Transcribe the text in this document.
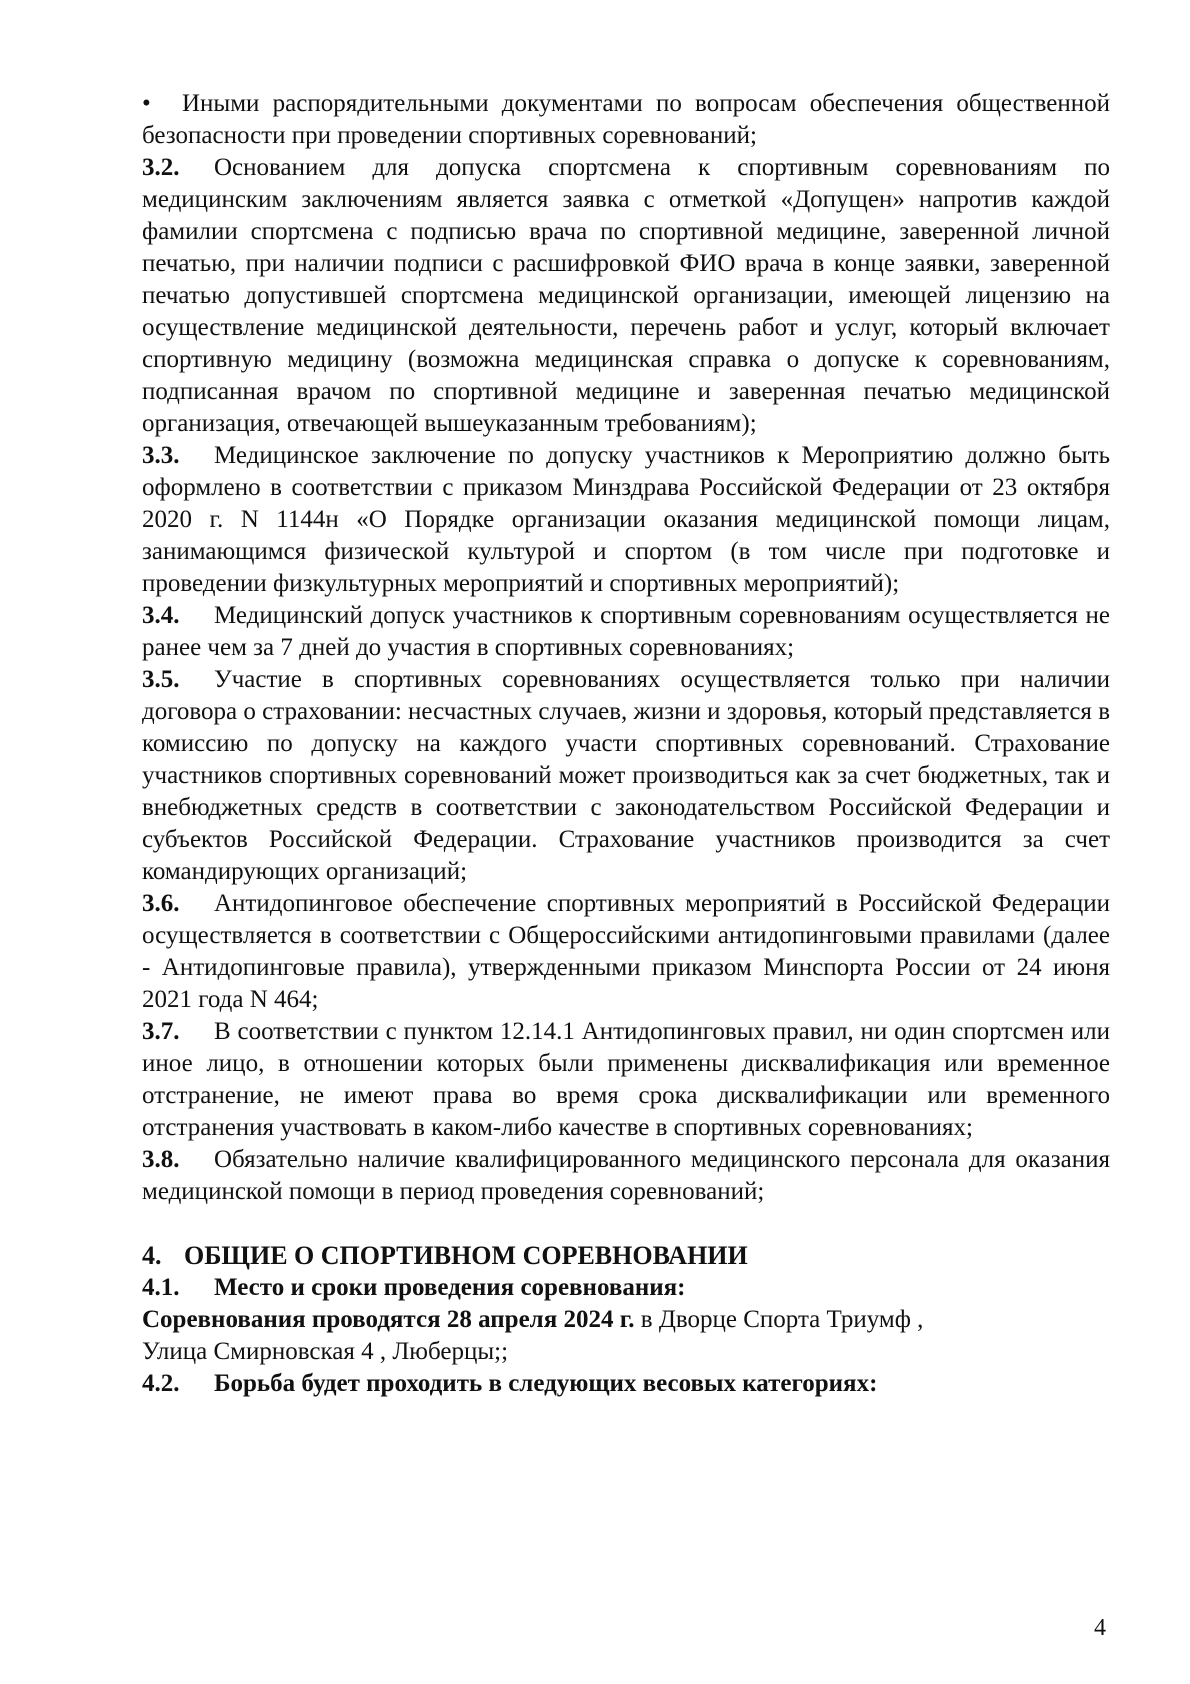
• Иными распорядительными документами по вопросам обеспечения общественной безопасности при проведении спортивных соревнований;

3.2. Основанием для допуска спортсмена к спортивным соревнованиям по медицинским заключениям является заявка с отметкой «Допущен» напротив каждой фамилии спортсмена с подписью врача по спортивной медицине, заверенной личной печатью, при наличии подписи с расшифровкой ФИО врача в конце заявки, заверенной печатью допустившей спортсмена медицинской организации, имеющей лицензию на осуществление медицинской деятельности, перечень работ и услуг, который включает спортивную медицину (возможна медицинская справка о допуске к соревнованиям, подписанная врачом по спортивной медицине и заверенная печатью медицинской организация, отвечающей вышеуказанным требованиям);

3.3. Медицинское заключение по допуску участников к Мероприятию должно быть оформлено в соответствии с приказом Минздрава Российской Федерации от 23 октября 2020 г. N 1144н «О Порядке организации оказания медицинской помощи лицам, занимающимся физической культурой и спортом (в том числе при подготовке и проведении физкультурных мероприятий и спортивных мероприятий);

3.4. Медицинский допуск участников к спортивным соревнованиям осуществляется не ранее чем за 7 дней до участия в спортивных соревнованиях;

3.5. Участие в спортивных соревнованиях осуществляется только при наличии договора о страховании: несчастных случаев, жизни и здоровья, который представляется в комиссию по допуску на каждого участи спортивных соревнований. Страхование участников спортивных соревнований может производиться как за счет бюджетных, так и внебюджетных средств в соответствии с законодательством Российской Федерации и субъектов Российской Федерации. Страхование участников производится за счет командирующих организаций;

3.6. Антидопинговое обеспечение спортивных мероприятий в Российской Федерации осуществляется в соответствии с Общероссийскими антидопинговыми правилами (далее - Антидопинговые правила), утвержденными приказом Минспорта России от 24 июня 2021 года N 464;

3.7. В соответствии с пунктом 12.14.1 Антидопинговых правил, ни один спортсмен или иное лицо, в отношении которых были применены дисквалификация или временное отстранение, не имеют права во время срока дисквалификации или временного отстранения участвовать в каком-либо качестве в спортивных соревнованиях;

3.8. Обязательно наличие квалифицированного медицинского персонала для оказания медицинской помощи в период проведения соревнований;

4. ОБЩИЕ О СПОРТИВНОМ СОРЕВНОВАНИИ

4.1. Место и сроки проведения соревнования:

Соревнования проводятся 28 апреля 2024 г. в Дворце Спорта Триумф ,

Улица Смирновская 4 , Люберцы;;

4.2. Борьба будет проходить в следующих весовых категориях:

4
